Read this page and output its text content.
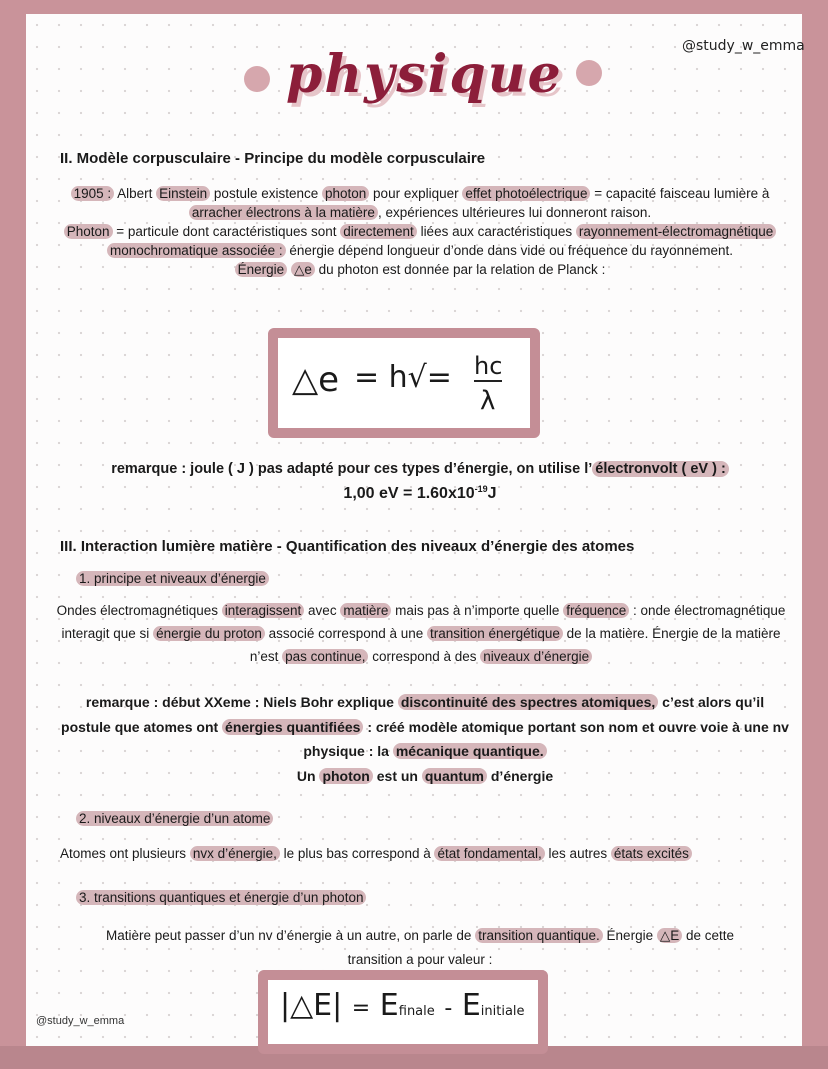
@study_w_emma
physique
II. Modèle corpusculaire - Principe du modèle corpusculaire
1905 : Albert Einstein postule existence photon pour expliquer effet photoélectrique = capacité faisceau lumière à
arracher électrons à la matière , expériences ultérieures lui donneront raison.
Photon = particule dont caractéristiques sont directement liées aux caractéristiques rayonnement-électromagnétique
monochromatique associée : énergie dépend longueur d’onde dans vide ou fréquence du rayonnement.
Énergie △e du photon est donnée par la relation de Planck :
△e = h√= hc
λ
remarque : joule ( J ) pas adapté pour ces types d’énergie, on utilise l’ électronvolt ( eV ) :
1,00 eV = $1.60x10^{-19}J$
III. Interaction lumière matière - Quantification des niveaux d’énergie des atomes
1. principe et niveaux d’énergie
Ondes électromagnétiques interagissent avec matière mais pas à n’importe quelle fréquence : onde électromagnétique
interagit que si énergie du proton associé correspond à une transition énergétique de la matière. Énergie de la matière
n’est pas continue, correspond à des niveaux d’énergie
remarque : début XXeme : Niels Bohr explique discontinuité des spectres atomiques, c’est alors qu’il
postule que atomes ont énergies quantifiées : créé modèle atomique portant son nom et ouvre voie à une nv
physique : la mécanique quantique.
Un photon est un quantum d’énergie
2. niveaux d’énergie d’un atome
Atomes ont plusieurs nvx d’énergie, le plus bas correspond à état fondamental, les autres états excités
3. transitions quantiques et énergie d’un photon
Matière peut passer d’un nv d’énergie à un autre, on parle de transition quantique. Énergie △E de cette
transition a pour valeur :
|△E| = Efinale - Einitiale
@study_w_emma
